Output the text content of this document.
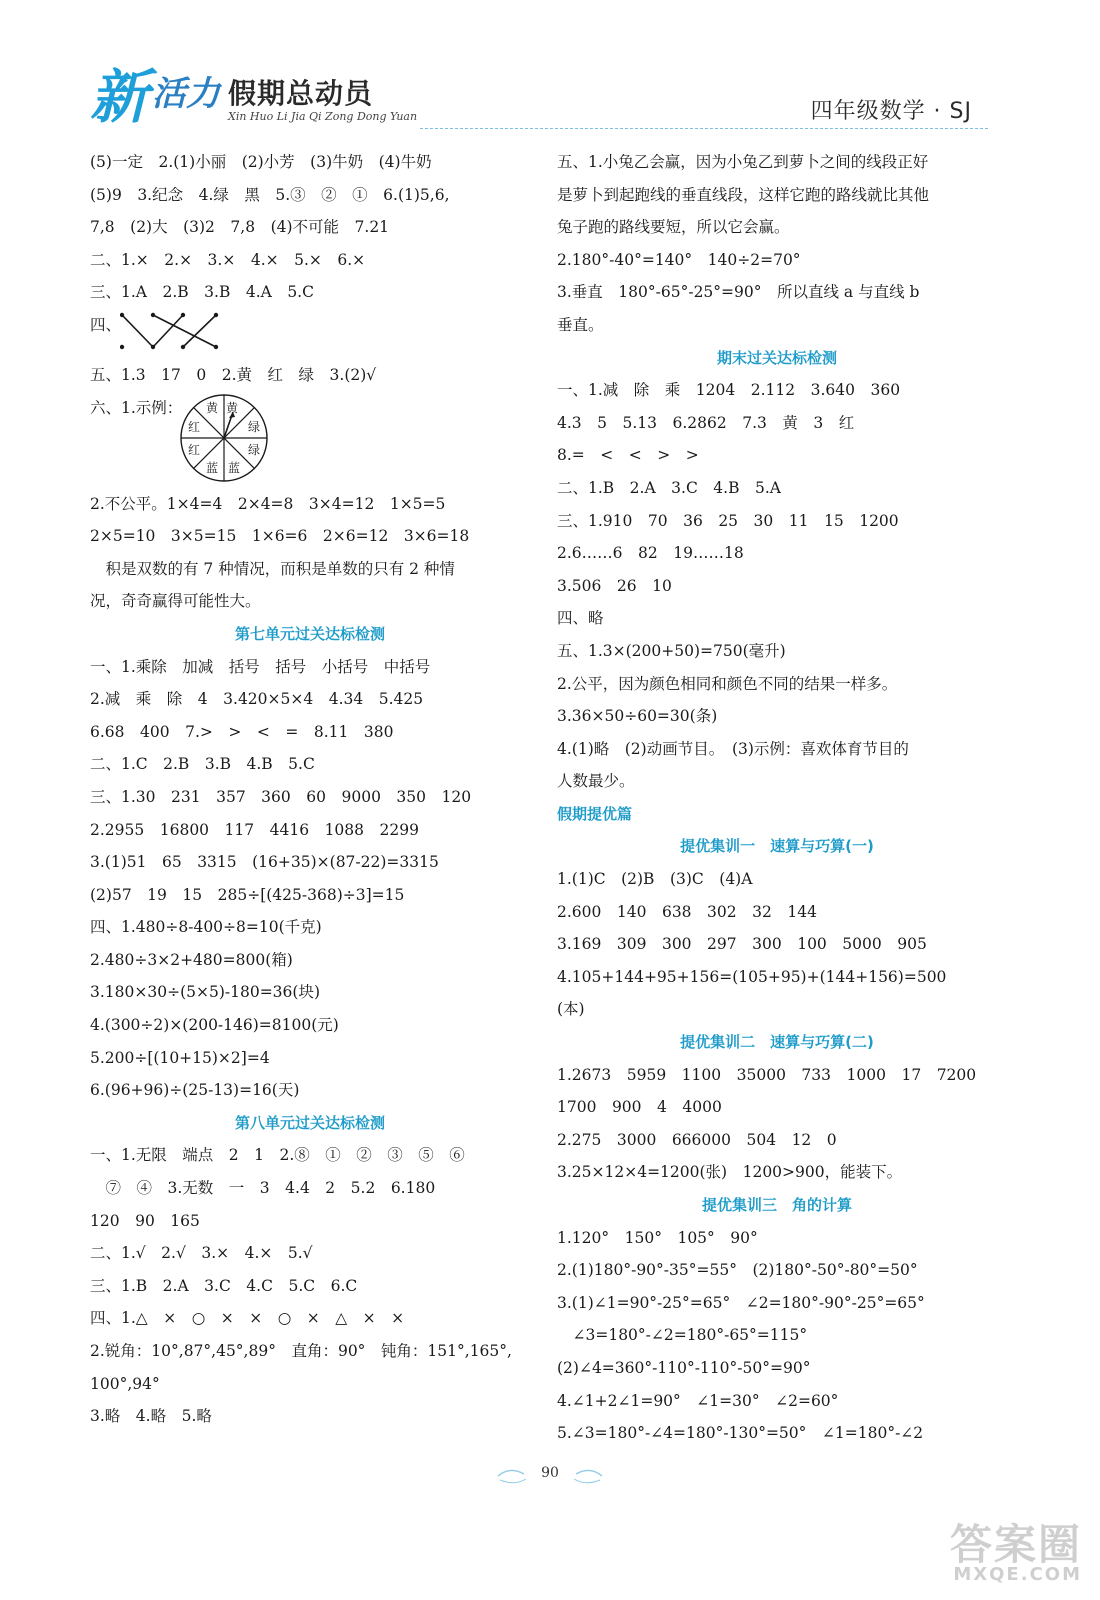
新 活力 假期总动员
Xin Huo Li Jia Qi Zong Dong Yuan	四年级数学 · SJ
(5)一定　2.(1)小丽　(2)小芳　(3)牛奶　(4)牛奶
(5)9　3.纪念　4.绿　黑　5.③　②　①　6.(1)5,6,
7,8　(2)大　(3)2　7,8　(4)不可能　7.21
二、1.×　2.×　3.×　4.×　5.×　6.×
三、1.A　2.B　3.B　4.A　5.C
四、
五、1.3　17　0　2.黄　红　绿　3.(2)√
六、1.示例：	黄
绿
绿
蓝
蓝
红
红
黄
2.不公平。1×4=4　2×4=8　3×4=12　1×5=5
2×5=10　3×5=15　1×6=6　2×6=12　3×6=18
　积是双数的有 7 种情况，而积是单数的只有 2 种情
况，奇奇赢得可能性大。
第七单元过关达标检测
一、1.乘除　加减　括号　括号　小括号　中括号
2.减　乘　除　4　3.420×5×4　4.34　5.425
6.68　400　7.>　>　<　=　8.11　380
二、1.C　2.B　3.B　4.B　5.C
三、1.30　231　357　360　60　9000　350　120
2.2955　16800　117　4416　1088　2299
3.(1)51　65　3315　(16+35)×(87-22)=3315
(2)57　19　15　285÷[(425-368)÷3]=15
四、1.480÷8-400÷8=10(千克)
2.480÷3×2+480=800(箱)
3.180×30÷(5×5)-180=36(块)
4.(300÷2)×(200-146)=8100(元)
5.200÷[(10+15)×2]=4
6.(96+96)÷(25-13)=16(天)
第八单元过关达标检测
一、1.无限　端点　2　1　2.⑧　①　②　③　⑤　⑥
　⑦　④　3.无数　一　3　4.4　2　5.2　6.180
120　90　165
二、1.√　2.√　3.×　4.×　5.√
三、1.B　2.A　3.C　4.C　5.C　6.C
四、1.△　×　○　×　×　○　×　△　×　×
2.锐角：10°,87°,45°,89°　直角：90°　钝角：151°,165°,
100°,94°
3.略　4.略　5.略
五、1.小兔乙会赢，因为小兔乙到萝卜之间的线段正好
是萝卜到起跑线的垂直线段，这样它跑的路线就比其他
兔子跑的路线要短，所以它会赢。
2.180°-40°=140°　140÷2=70°
3.垂直　180°-65°-25°=90°　所以直线 a 与直线 b
垂直。
期末过关达标检测
一、1.减　除　乘　1204　2.112　3.640　360
4.3　5　5.13　6.2862　7.3　黄　3　红
8.=　<　<　>　>
二、1.B　2.A　3.C　4.B　5.A
三、1.910　70　36　25　30　11　15　1200
2.6……6　82　19……18
3.506　26　10
四、略
五、1.3×(200+50)=750(毫升)
2.公平，因为颜色相同和颜色不同的结果一样多。
3.36×50÷60=30(条)
4.(1)略　(2)动画节目。　(3)示例：喜欢体育节目的
人数最少。
假期提优篇
提优集训一　速算与巧算(一)
1.(1)C　(2)B　(3)C　(4)A
2.600　140　638　302　32　144
3.169　309　300　297　300　100　5000　905
4.105+144+95+156=(105+95)+(144+156)=500
(本)
提优集训二　速算与巧算(二)
1.2673　5959　1100　35000　733　1000　17　7200
1700　900　4　4000
2.275　3000　666000　504　12　0
3.25×12×4=1200(张)　1200>900，能装下。
提优集训三　角的计算
1.120°　150°　105°　90°
2.(1)180°-90°-35°=55°　(2)180°-50°-80°=50°
3.(1)∠1=90°-25°=65°　∠2=180°-90°-25°=65°
　∠3=180°-∠2=180°-65°=115°
(2)∠4=360°-110°-110°-50°=90°
4.∠1+2∠1=90°　∠1=30°　∠2=60°
5.∠3=180°-∠4=180°-130°=50°　∠1=180°-∠2
90
答案圈
MXQE.COM
